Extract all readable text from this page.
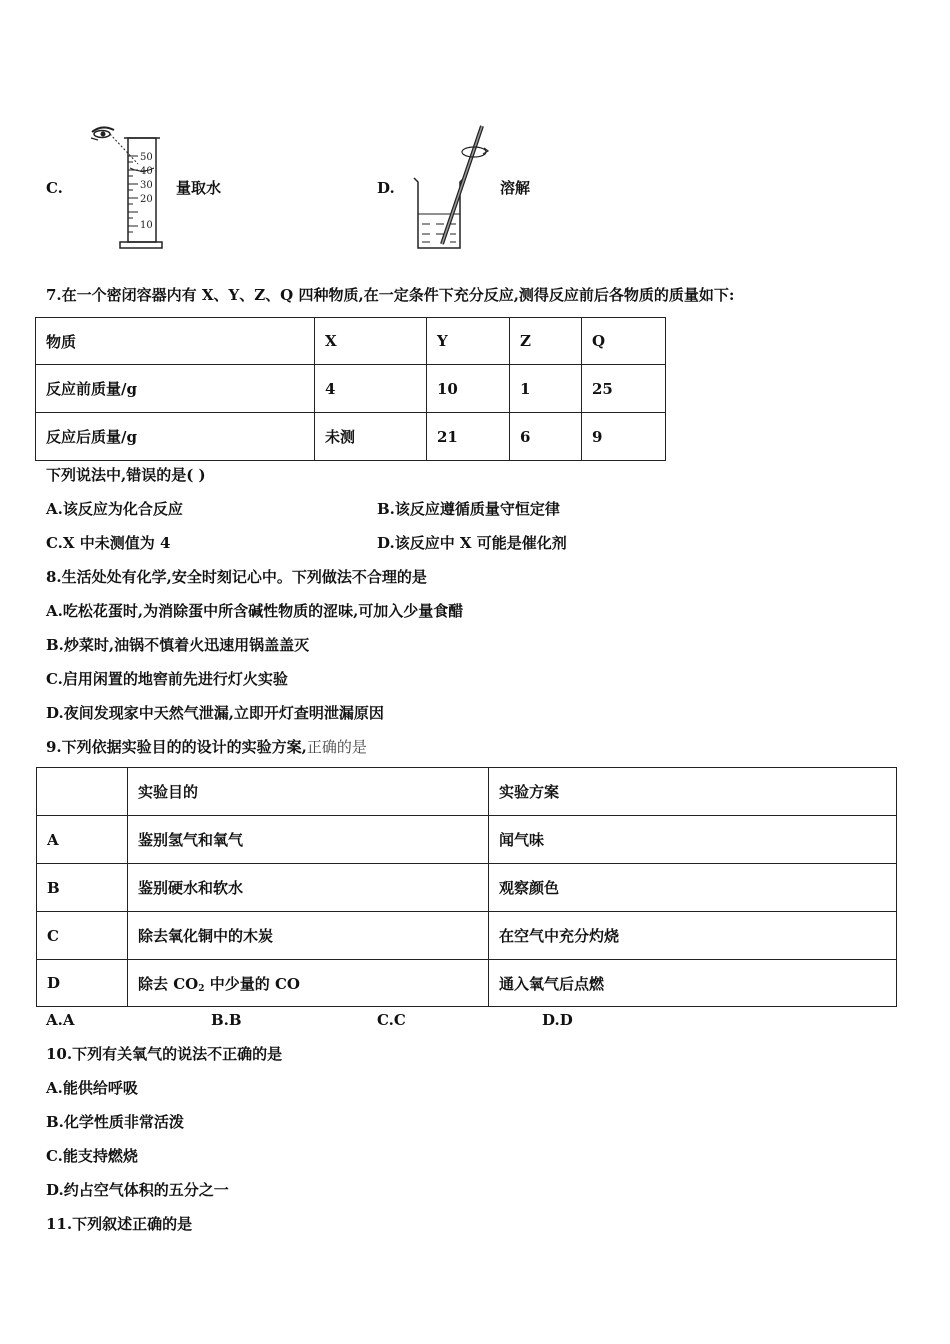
C.
50
40
30
20
10
量取水	D.	溶解
7.在一个密闭容器内有 X、Y、Z、Q 四种物质,在一定条件下充分反应,测得反应前后各物质的质量如下:
物质	X	Y	Z	Q
反应前质量/g	4	10	1	25
反应后质量/g	未测	21	6	9
下列说法中,错误的是( )
A.该反应为化合反应	B.该反应遵循质量守恒定律
C.X 中未测值为 4	D.该反应中 X 可能是催化剂
8.生活处处有化学,安全时刻记心中。下列做法不合理的是
A.吃松花蛋时,为消除蛋中所含碱性物质的涩味,可加入少量食醋
B.炒菜时,油锅不慎着火迅速用锅盖盖灭
C.启用闲置的地窖前先进行灯火实验
D.夜间发现家中天然气泄漏,立即开灯查明泄漏原因
9.下列依据实验目的的设计的实验方案,正确的是
	实验目的	实验方案
A	鉴别氢气和氧气	闻气味
B	鉴别硬水和软水	观察颜色
C	除去氧化铜中的木炭	在空气中充分灼烧
D	除去 $CO_2$ 中少量的 CO	通入氧气后点燃
A.A	B.B	C.C	D.D
10.下列有关氧气的说法不正确的是
A.能供给呼吸
B.化学性质非常活泼
C.能支持燃烧
D.约占空气体积的五分之一
11.下列叙述正确的是
